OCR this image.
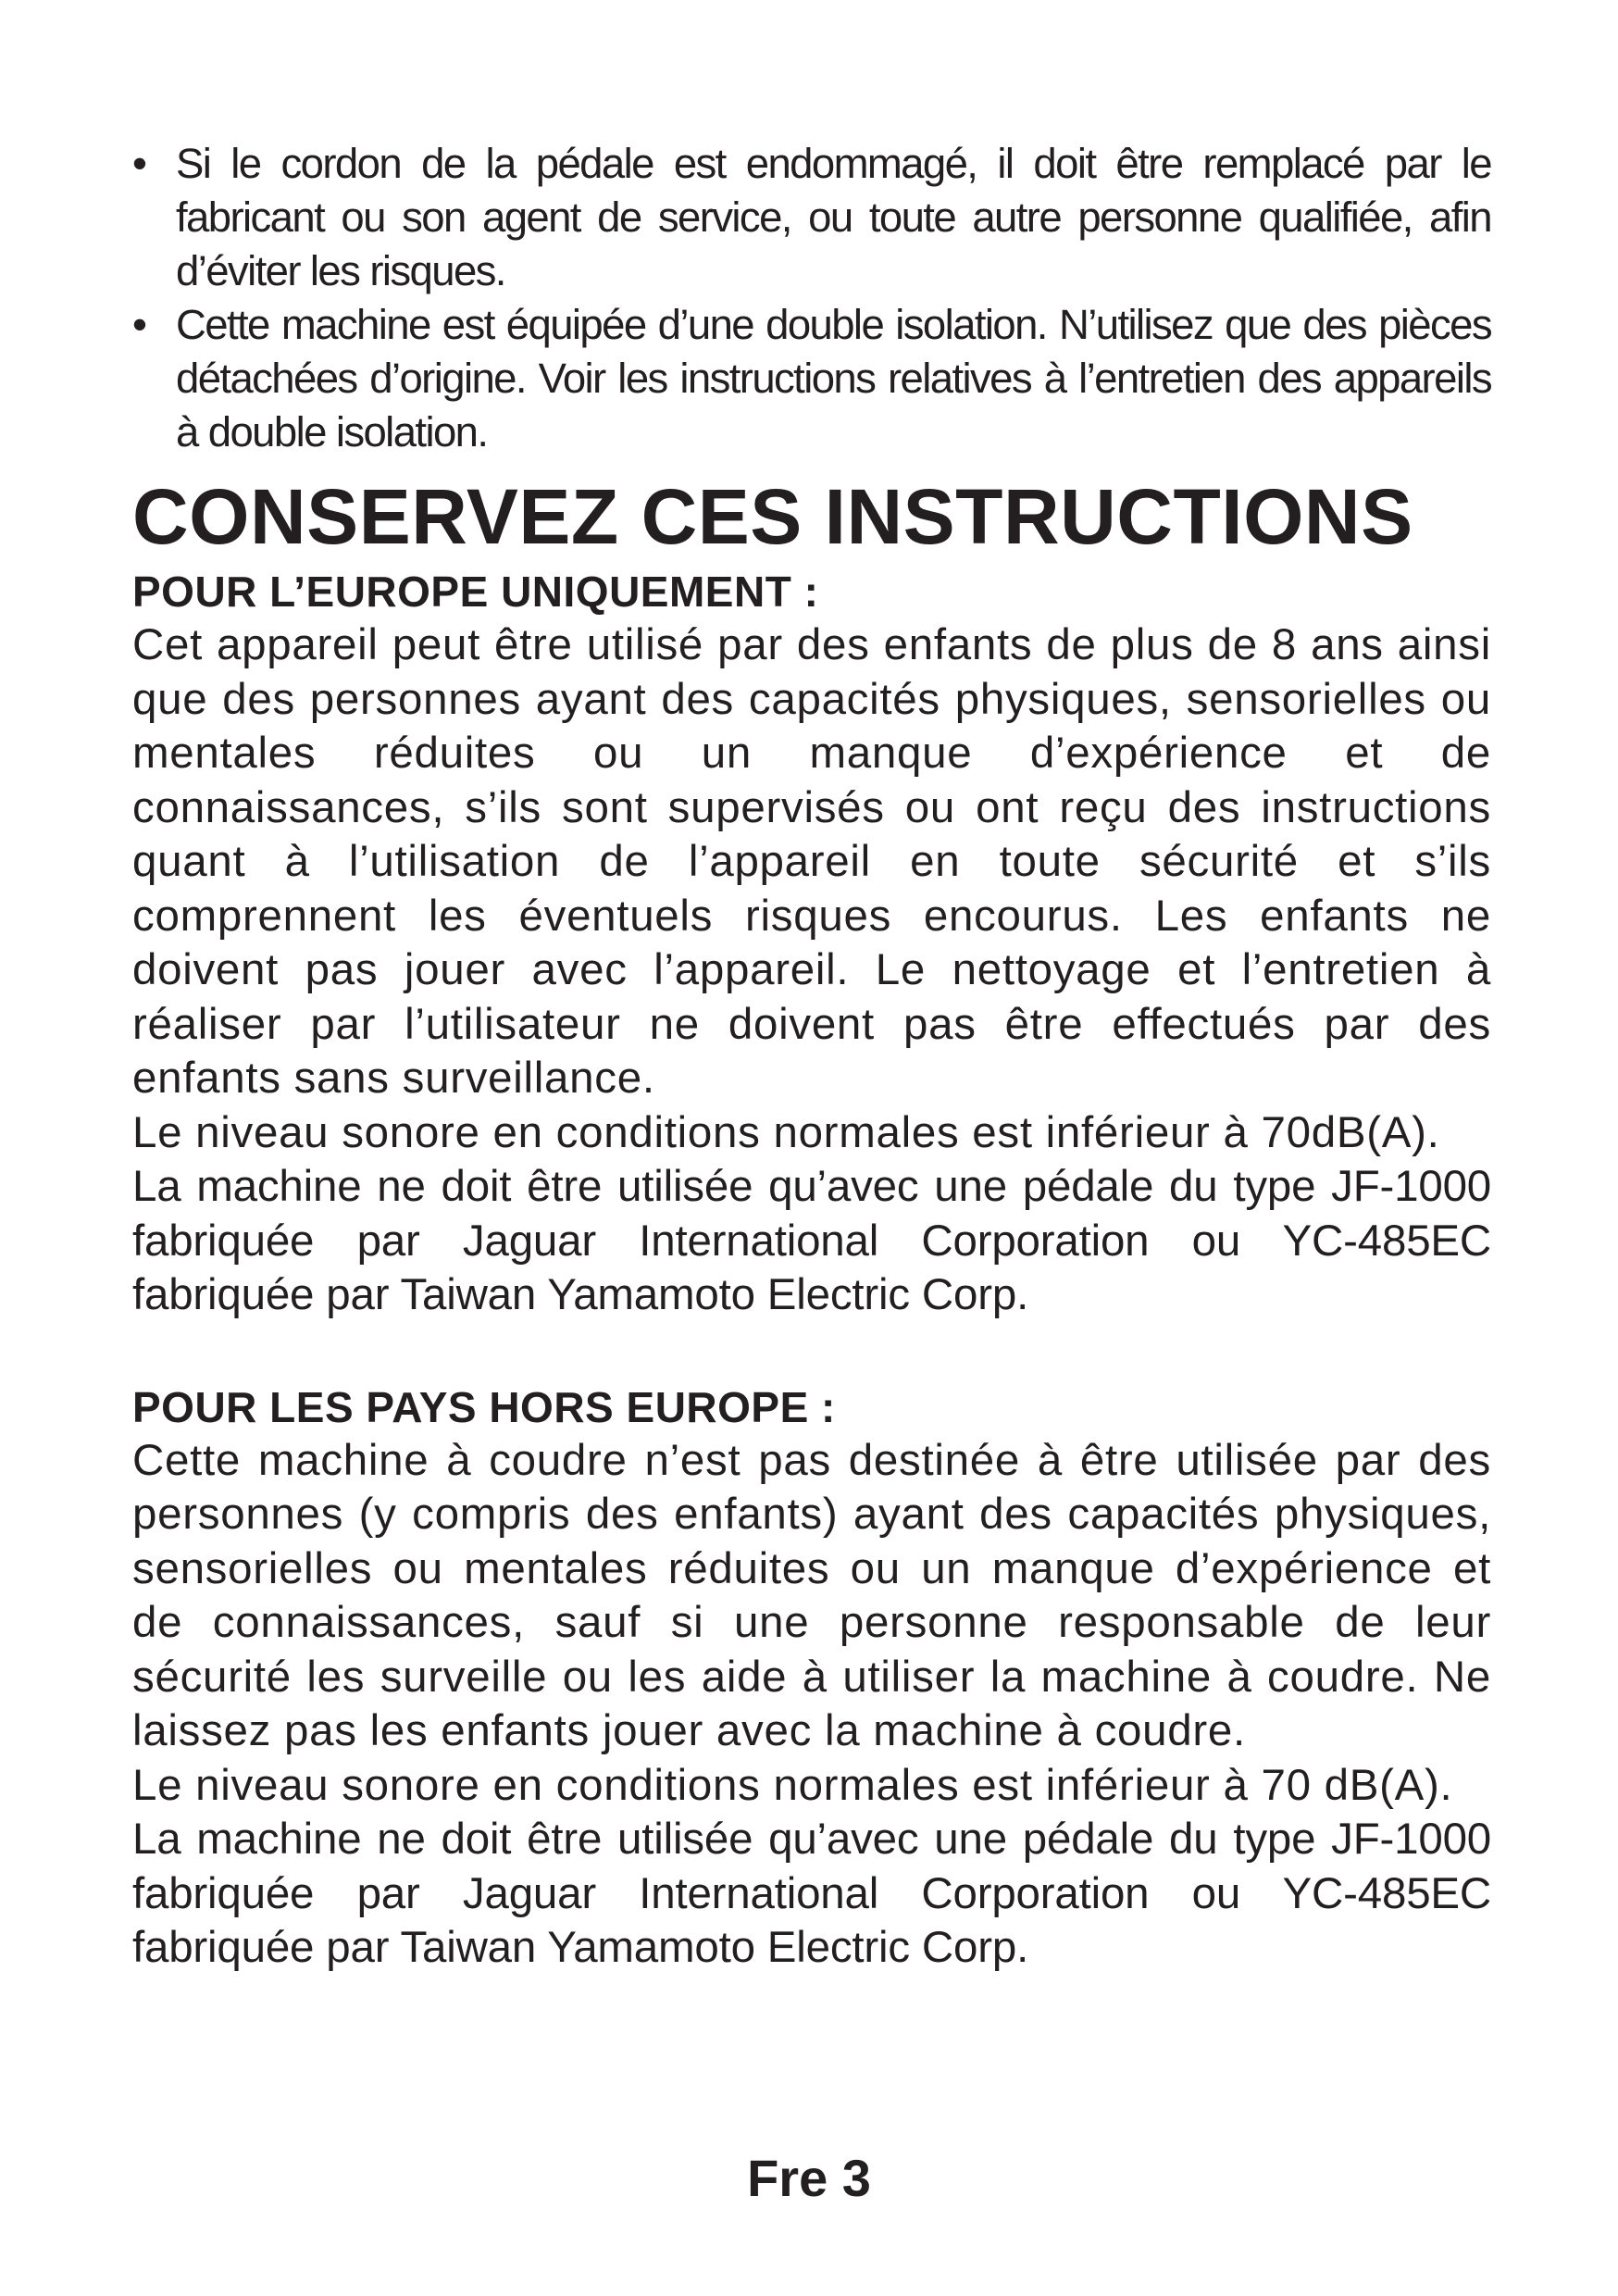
• Si le cordon de la pédale est endommagé, il doit être remplacé par le fabricant ou son agent de service, ou toute autre personne qualifiée, afin d’éviter les risques.
• Cette machine est équipée d’une double isolation. N’utilisez que des pièces détachées d’origine. Voir les instructions relatives à l’entretien des appareils à double isolation.
CONSERVEZ CES INSTRUCTIONS
POUR L’EUROPE UNIQUEMENT :

Cet appareil peut être utilisé par des enfants de plus de 8 ans ainsi que des personnes ayant des capacités physiques, sensorielles ou mentales réduites ou un manque d’expérience et de connaissances, s’ils sont supervisés ou ont reçu des instructions quant à l’utilisation de l’appareil en toute sécurité et s’ils comprennent les éventuels risques encourus. Les enfants ne doivent pas jouer avec l’appareil. Le nettoyage et l’entretien à réaliser par l’utilisateur ne doivent pas être effectués par des enfants sans surveillance.

Le niveau sonore en conditions normales est inférieur à 70dB(A).

La machine ne doit être utilisée qu’avec une pédale du type JF-1000 fabriquée par Jaguar International Corporation ou YC-485EC fabriquée par Taiwan Yamamoto Electric Corp.

POUR LES PAYS HORS EUROPE :

Cette machine à coudre n’est pas destinée à être utilisée par des personnes (y compris des enfants) ayant des capacités physiques, sensorielles ou mentales réduites ou un manque d’expérience et de connaissances, sauf si une personne responsable de leur sécurité les surveille ou les aide à utiliser la machine à coudre. Ne laissez pas les enfants jouer avec la machine à coudre.

Le niveau sonore en conditions normales est inférieur à 70 dB(A).

La machine ne doit être utilisée qu’avec une pédale du type JF-1000 fabriquée par Jaguar International Corporation ou YC-485EC fabriquée par Taiwan Yamamoto Electric Corp.

Fre 3
